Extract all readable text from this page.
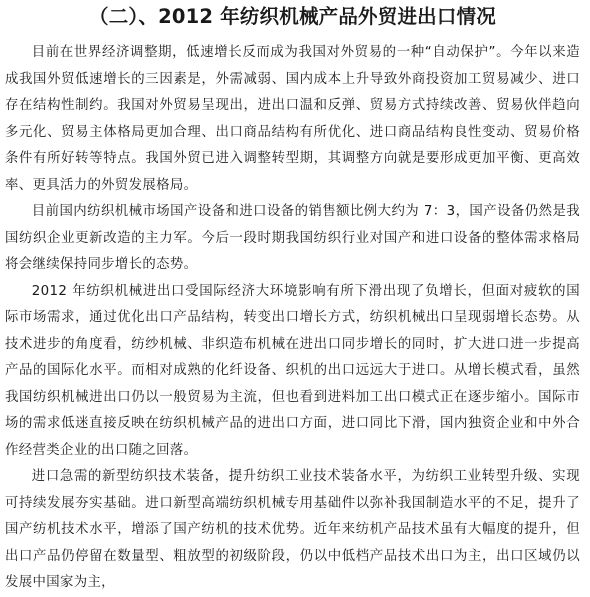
（二）、2012 年纺织机械产品外贸进出口情况

目前在世界经济调整期，低速增长反而成为我国对外贸易的一种“自动保护”。今年以来造成我国外贸低速增长的三因素是，外需减弱、国内成本上升导致外商投资加工贸易减少、进口存在结构性制约。我国对外贸易呈现出，进出口温和反弹、贸易方式持续改善、贸易伙伴趋向多元化、贸易主体格局更加合理、出口商品结构有所优化、进口商品结构良性变动、贸易价格条件有所好转等特点。我国外贸已进入调整转型期，其调整方向就是要形成更加平衡、更高效率、更具活力的外贸发展格局。

目前国内纺织机械市场国产设备和进口设备的销售额比例大约为 7：3，国产设备仍然是我国纺织企业更新改造的主力军。今后一段时期我国纺织行业对国产和进口设备的整体需求格局将会继续保持同步增长的态势。

2012 年纺织机械进出口受国际经济大环境影响有所下滑出现了负增长，但面对疲软的国际市场需求，通过优化出口产品结构，转变出口增长方式，纺织机械出口呈现弱增长态势。从技术进步的角度看，纺纱机械、非织造布机械在进出口同步增长的同时，扩大进口进一步提高产品的国际化水平。而相对成熟的化纤设备、织机的出口远远大于进口。从增长模式看，虽然我国纺织机械进出口仍以一般贸易为主流，但也看到进料加工出口模式正在逐步缩小。国际市场的需求低迷直接反映在纺织机械产品的进出口方面，进口同比下滑，国内独资企业和中外合作经营类企业的出口随之回落。

进口急需的新型纺织技术装备，提升纺织工业技术装备水平，为纺织工业转型升级、实现可持续发展夯实基础。进口新型高端纺织机械专用基础件以弥补我国制造水平的不足，提升了国产纺机技术水平，增添了国产纺机的技术优势。近年来纺机产品技术虽有大幅度的提升，但出口产品仍停留在数量型、粗放型的初级阶段，仍以中低档产品技术出口为主，出口区域仍以发展中国家为主，
